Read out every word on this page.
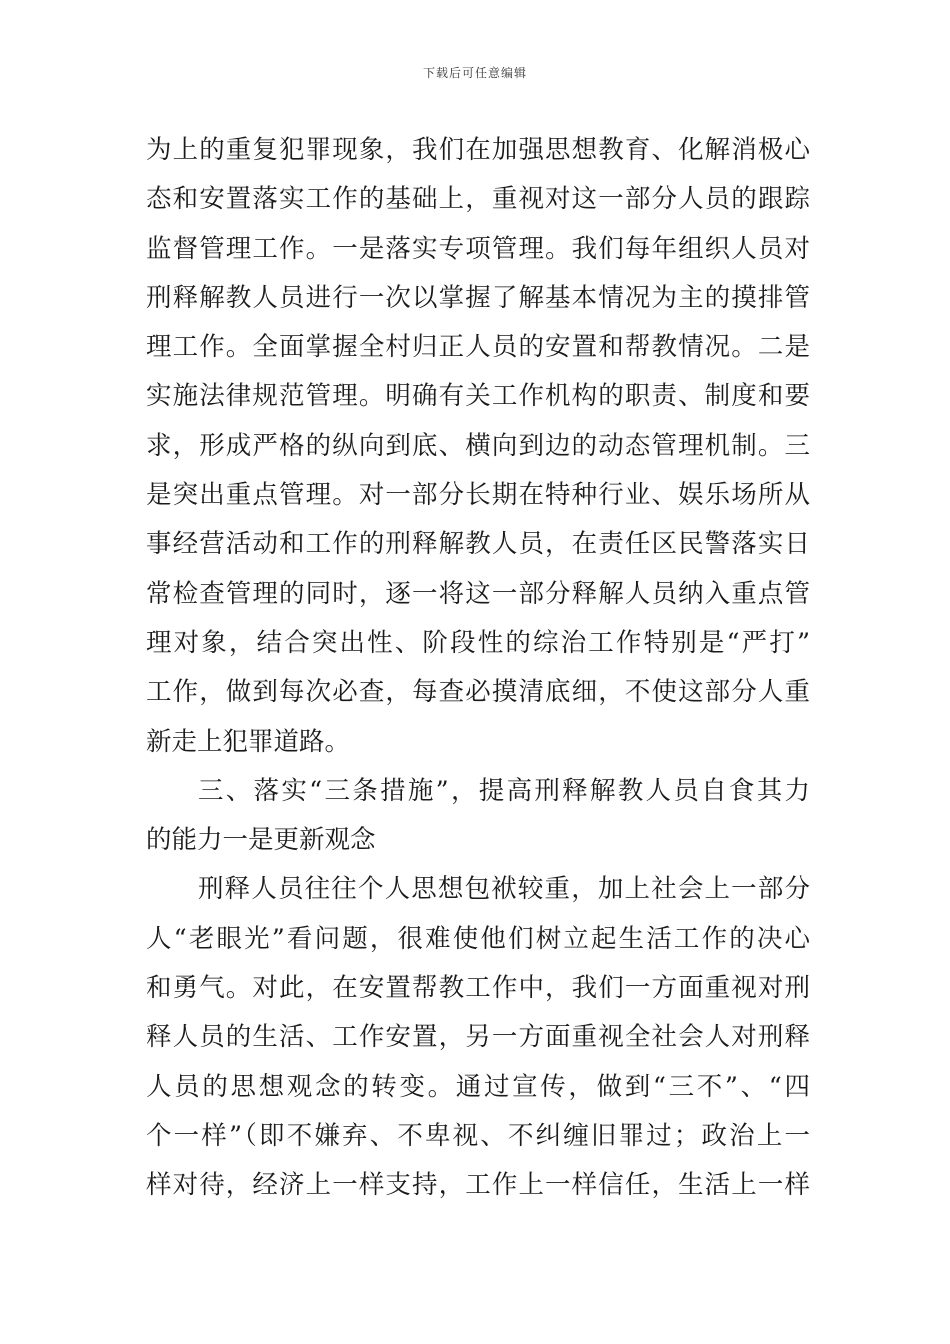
下载后可任意编辑
为上的重复犯罪现象，我们在加强思想教育、化解消极心
态和安置落实工作的基础上，重视对这一部分人员的跟踪
监督管理工作。一是落实专项管理。我们每年组织人员对
刑释解教人员进行一次以掌握了解基本情况为主的摸排管
理工作。全面掌握全村归正人员的安置和帮教情况。二是
实施法律规范管理。明确有关工作机构的职责、制度和要
求，形成严格的纵向到底、横向到边的动态管理机制。三
是突出重点管理。对一部分长期在特种行业、娱乐场所从
事经营活动和工作的刑释解教人员，在责任区民警落实日
常检查管理的同时，逐一将这一部分释解人员纳入重点管
理对象，结合突出性、阶段性的综治工作特别是“严打”
工作，做到每次必查，每查必摸清底细，不使这部分人重
新走上犯罪道路。
三、落实“三条措施”，提高刑释解教人员自食其力
的能力一是更新观念
刑释人员往往个人思想包袱较重，加上社会上一部分
人“老眼光”看问题，很难使他们树立起生活工作的决心
和勇气。对此，在安置帮教工作中，我们一方面重视对刑
释人员的生活、工作安置，另一方面重视全社会人对刑释
人员的思想观念的转变。通过宣传，做到“三不”、“四
个一样”（即不嫌弃、不卑视、不纠缠旧罪过；政治上一
样对待，经济上一样支持，工作上一样信任，生活上一样
